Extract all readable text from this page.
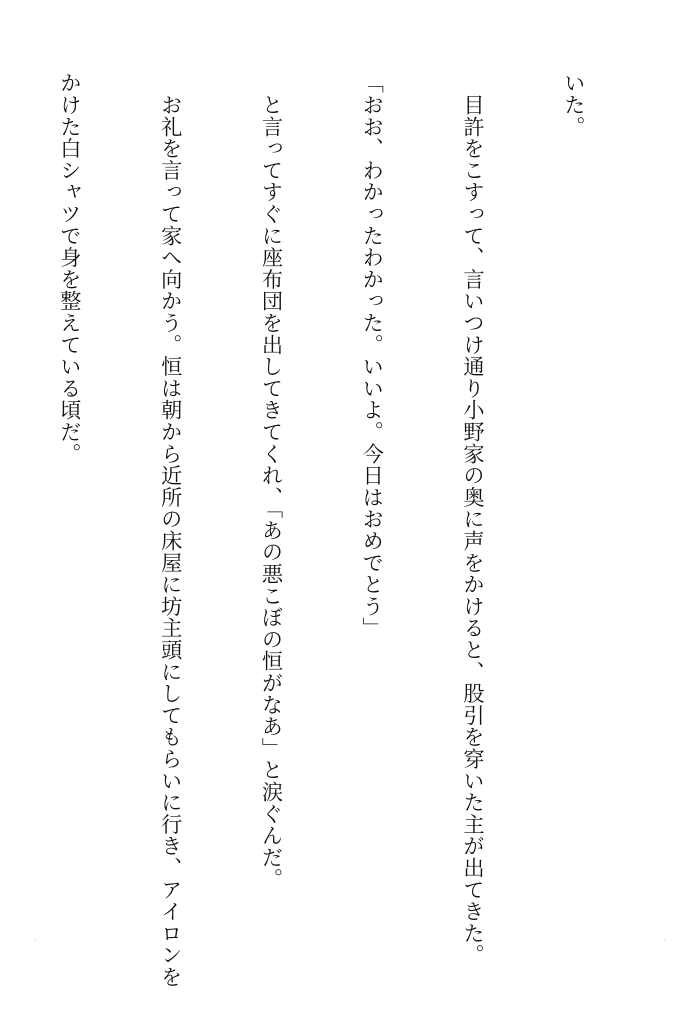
いた。

　目許をこすって、言いつけ通り小野家の奥に声をかけると、股引を穿いた主が出てきた。

「おお、わかったわかった。いいよ。今日はおめでとう」

　と言ってすぐに座布団を出してきてくれ、「あの悪こぼの恒がなあ」と涙ぐんだ。

　お礼を言って家へ向かう。恒は朝から近所の床屋に坊主頭にしてもらいに行き、アイロンを

かけた白シャツで身を整えている頃だ。

·	·
